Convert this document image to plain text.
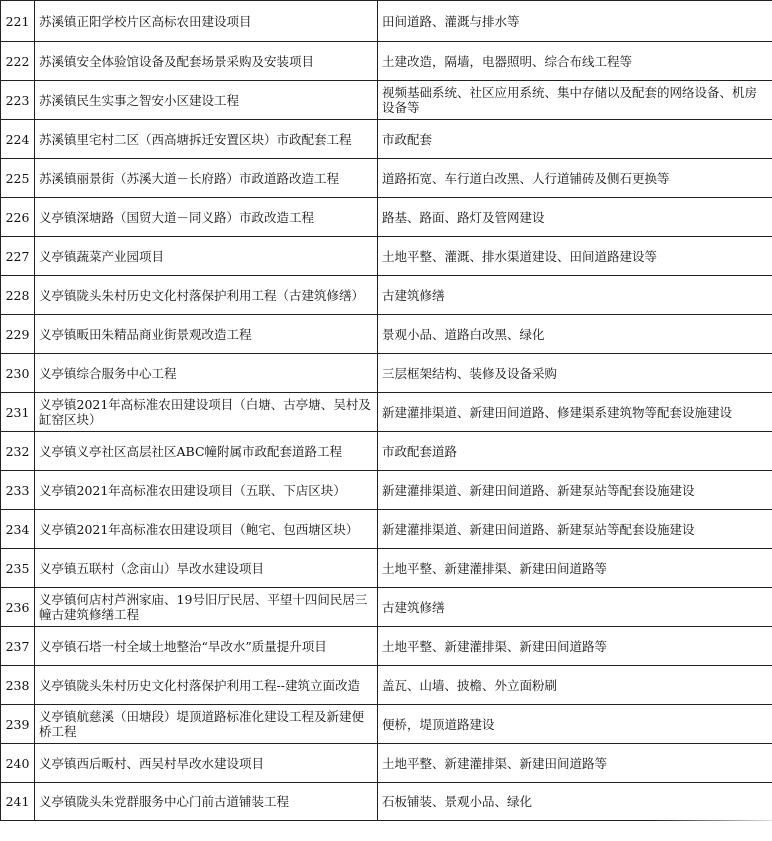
221	苏溪镇正阳学校片区高标农田建设项目	田间道路、灌溉与排水等
222	苏溪镇安全体验馆设备及配套场景采购及安装项目	土建改造，隔墙，电器照明、综合布线工程等
223	苏溪镇民生实事之智安小区建设工程	视频基础系统、社区应用系统、集中存储以及配套的网络设备、机房设备等
224	苏溪镇里宅村二区（西高塘拆迁安置区块）市政配套工程	市政配套
225	苏溪镇丽景街（苏溪大道－长府路）市政道路改造工程	道路拓宽、车行道白改黑、人行道铺砖及侧石更换等
226	义亭镇深塘路（国贸大道－同义路）市政改造工程	路基、路面、路灯及管网建设
227	义亭镇蔬菜产业园项目	土地平整、灌溉、排水渠道建设、田间道路建设等
228	义亭镇陇头朱村历史文化村落保护利用工程（古建筑修缮）	古建筑修缮
229	义亭镇畈田朱精品商业街景观改造工程	景观小品、道路白改黑、绿化
230	义亭镇综合服务中心工程	三层框架结构、装修及设备采购
231	义亭镇2021年高标准农田建设项目（白塘、古亭塘、吴村及缸窑区块）	新建灌排渠道、新建田间道路、修建渠系建筑物等配套设施建设
232	义亭镇义亭社区高层社区ABC幢附属市政配套道路工程	市政配套道路
233	义亭镇2021年高标准农田建设项目（五联、下店区块）	新建灌排渠道、新建田间道路、新建泵站等配套设施建设
234	义亭镇2021年高标准农田建设项目（鲍宅、包西塘区块）	新建灌排渠道、新建田间道路、新建泵站等配套设施建设
235	义亭镇五联村（念亩山）旱改水建设项目	土地平整、新建灌排渠、新建田间道路等
236	义亭镇何店村芦洲家庙、19号旧厅民居、平望十四间民居三幢古建筑修缮工程	古建筑修缮
237	义亭镇石塔一村全域土地整治“旱改水”质量提升项目	土地平整、新建灌排渠、新建田间道路等
238	义亭镇陇头朱村历史文化村落保护利用工程--建筑立面改造	盖瓦、山墙、披檐、外立面粉刷
239	义亭镇航慈溪（田塘段）堤顶道路标准化建设工程及新建便桥工程	便桥，堤顶道路建设
240	义亭镇西后畈村、西吴村旱改水建设项目	土地平整、新建灌排渠、新建田间道路等
241	义亭镇陇头朱党群服务中心门前古道铺装工程	石板铺装、景观小品、绿化
